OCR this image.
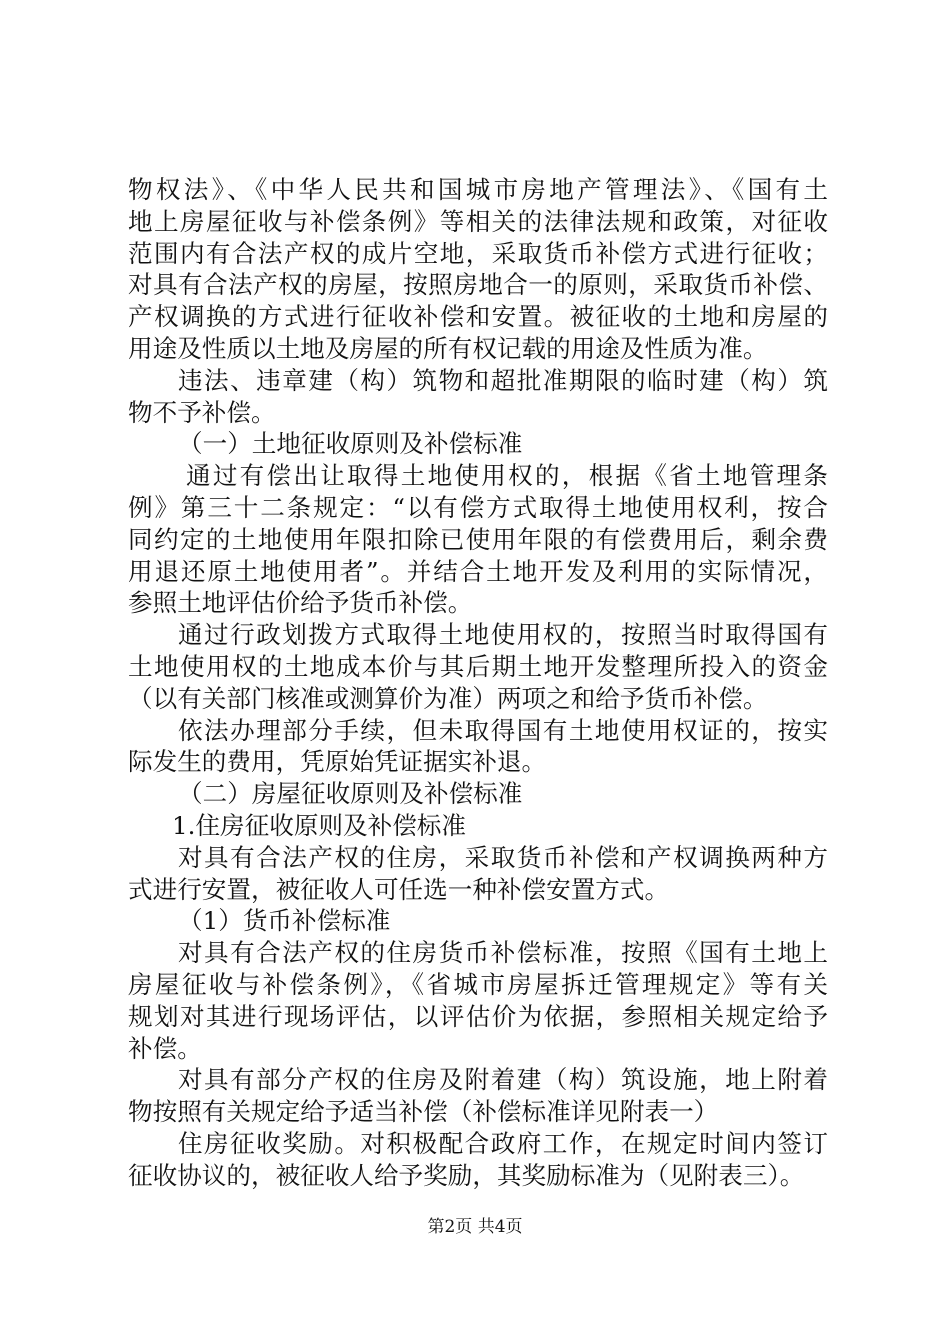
物权法》、《中华人民共和国城市房地产管理法》、《国有土
地上房屋征收与补偿条例》等相关的法律法规和政策，对征收
范围内有合法产权的成片空地，采取货币补偿方式进行征收；
对具有合法产权的房屋，按照房地合一的原则，采取货币补偿、
产权调换的方式进行征收补偿和安置。被征收的土地和房屋的
用途及性质以土地及房屋的所有权记载的用途及性质为准。
违法、违章建（构）筑物和超批准期限的临时建（构）筑
物不予补偿。
（一）土地征收原则及补偿标准
通过有偿出让取得土地使用权的，根据《省土地管理条
例》第三十二条规定：“以有偿方式取得土地使用权利，按合
同约定的土地使用年限扣除已使用年限的有偿费用后，剩余费
用退还原土地使用者”。并结合土地开发及利用的实际情况，
参照土地评估价给予货币补偿。
通过行政划拨方式取得土地使用权的，按照当时取得国有
土地使用权的土地成本价与其后期土地开发整理所投入的资金
（以有关部门核准或测算价为准）两项之和给予货币补偿。
依法办理部分手续，但未取得国有土地使用权证的，按实
际发生的费用，凭原始凭证据实补退。
（二）房屋征收原则及补偿标准
1.住房征收原则及补偿标准
对具有合法产权的住房，采取货币补偿和产权调换两种方
式进行安置，被征收人可任选一种补偿安置方式。
（1）货币补偿标准
对具有合法产权的住房货币补偿标准，按照《国有土地上
房屋征收与补偿条例》，《省城市房屋拆迁管理规定》等有关
规划对其进行现场评估，以评估价为依据，参照相关规定给予
补偿。
对具有部分产权的住房及附着建（构）筑设施，地上附着
物按照有关规定给予适当补偿（补偿标准详见附表一）
住房征收奖励。对积极配合政府工作，在规定时间内签订
征收协议的，被征收人给予奖励，其奖励标准为（见附表三）。
第2页 共4页
